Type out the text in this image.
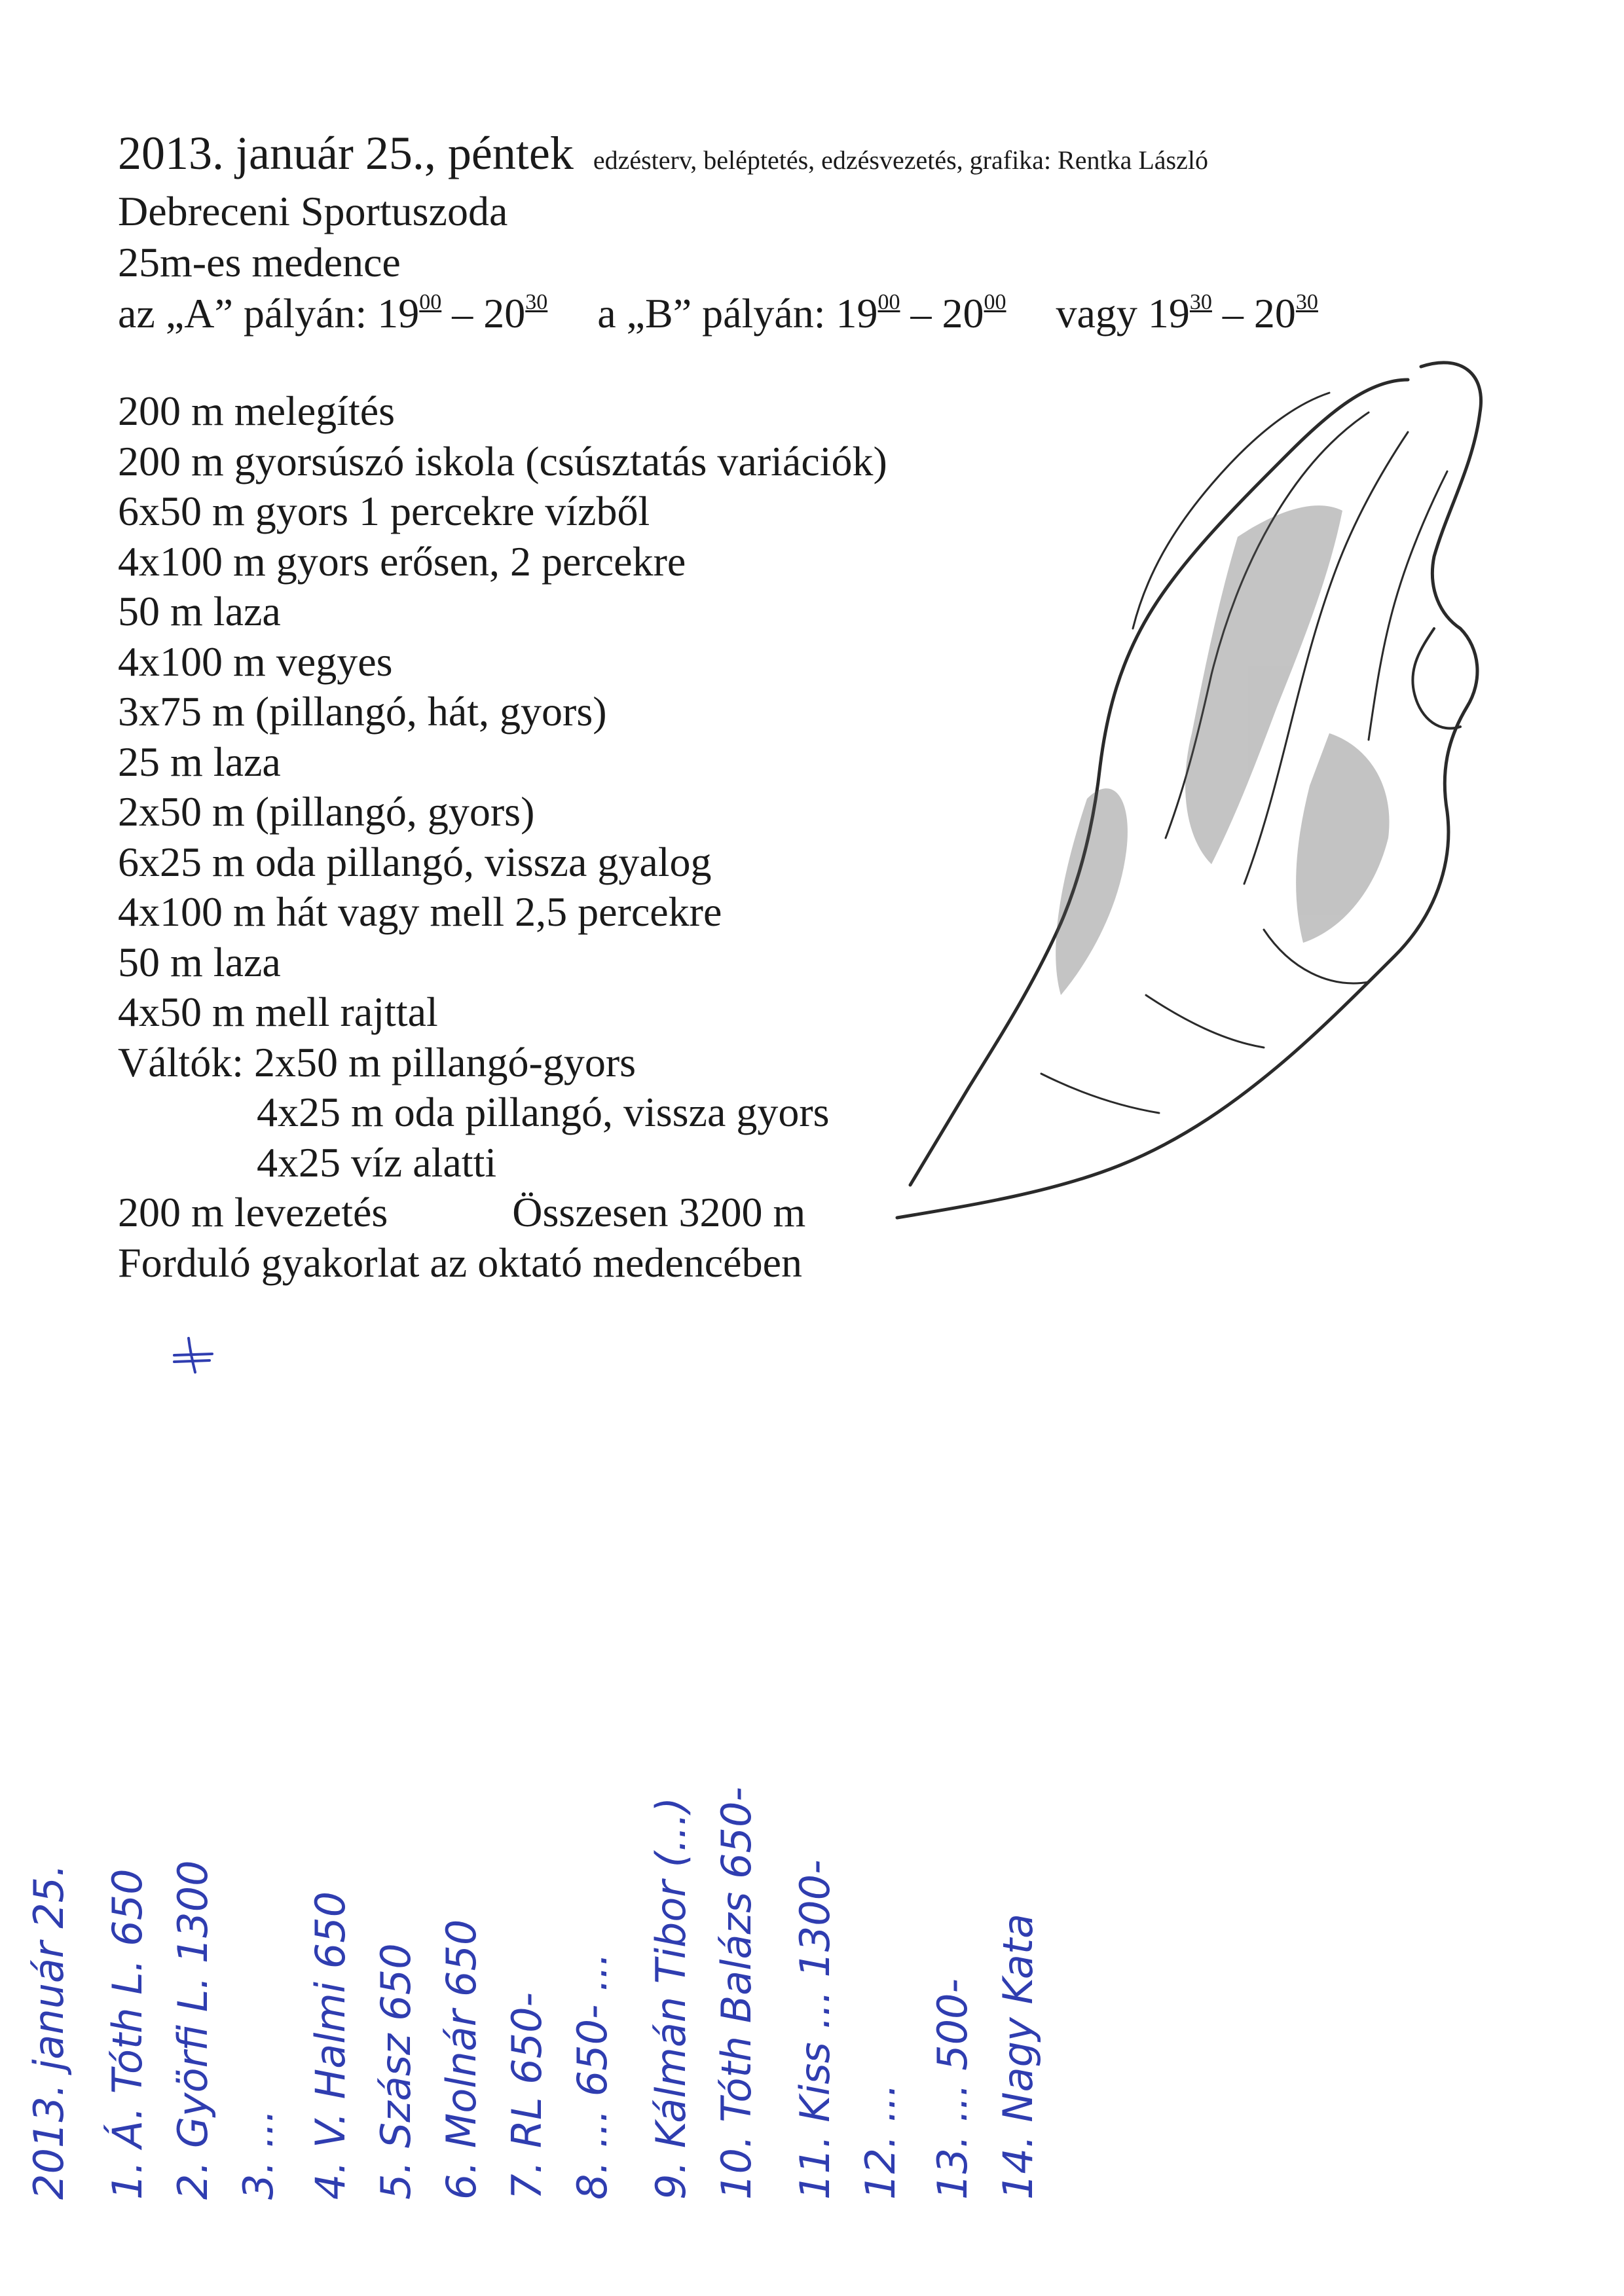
2013. január 25., péntek edzésterv, beléptetés, edzésvezetés, grafika: Rentka László
Debreceni Sportuszoda
25m-es medence
az „A” pályán: $19^{00} - 20^{30}$ a „B” pályán: $19^{00} - 20^{00}$ vagy $19^{30} - 20^{30}$
200 m melegítés
200 m gyorsúszó iskola (csúsztatás variációk)
6x50 m gyors 1 percekre vízből
4x100 m gyors erősen, 2 percekre
50 m laza
4x100 m vegyes
3x75 m (pillangó, hát, gyors)
25 m laza
2x50 m (pillangó, gyors)
6x25 m oda pillangó, vissza gyalog
4x100 m hát vagy mell 2,5 percekre
50 m laza
4x50 m mell rajttal
Váltók: 2x50 m pillangó-gyors
4x25 m oda pillangó, vissza gyors
4x25 víz alatti
200 m levezetés	Összesen 3200 m
Forduló gyakorlat az oktató medencében
2013. január 25. 1. Á. Tóth L. 650 2. Györfi L. 1300 3. ... 4. V. Halmi 650 5. Szász 650 6. Molnár 650 7. RL 650- 8. ... 650- ... 9. Kálmán Tibor (...) 10. Tóth Balázs 650- 11. Kiss ... 1300- 12. ... 13. ... 500- 14. Nagy Kata
